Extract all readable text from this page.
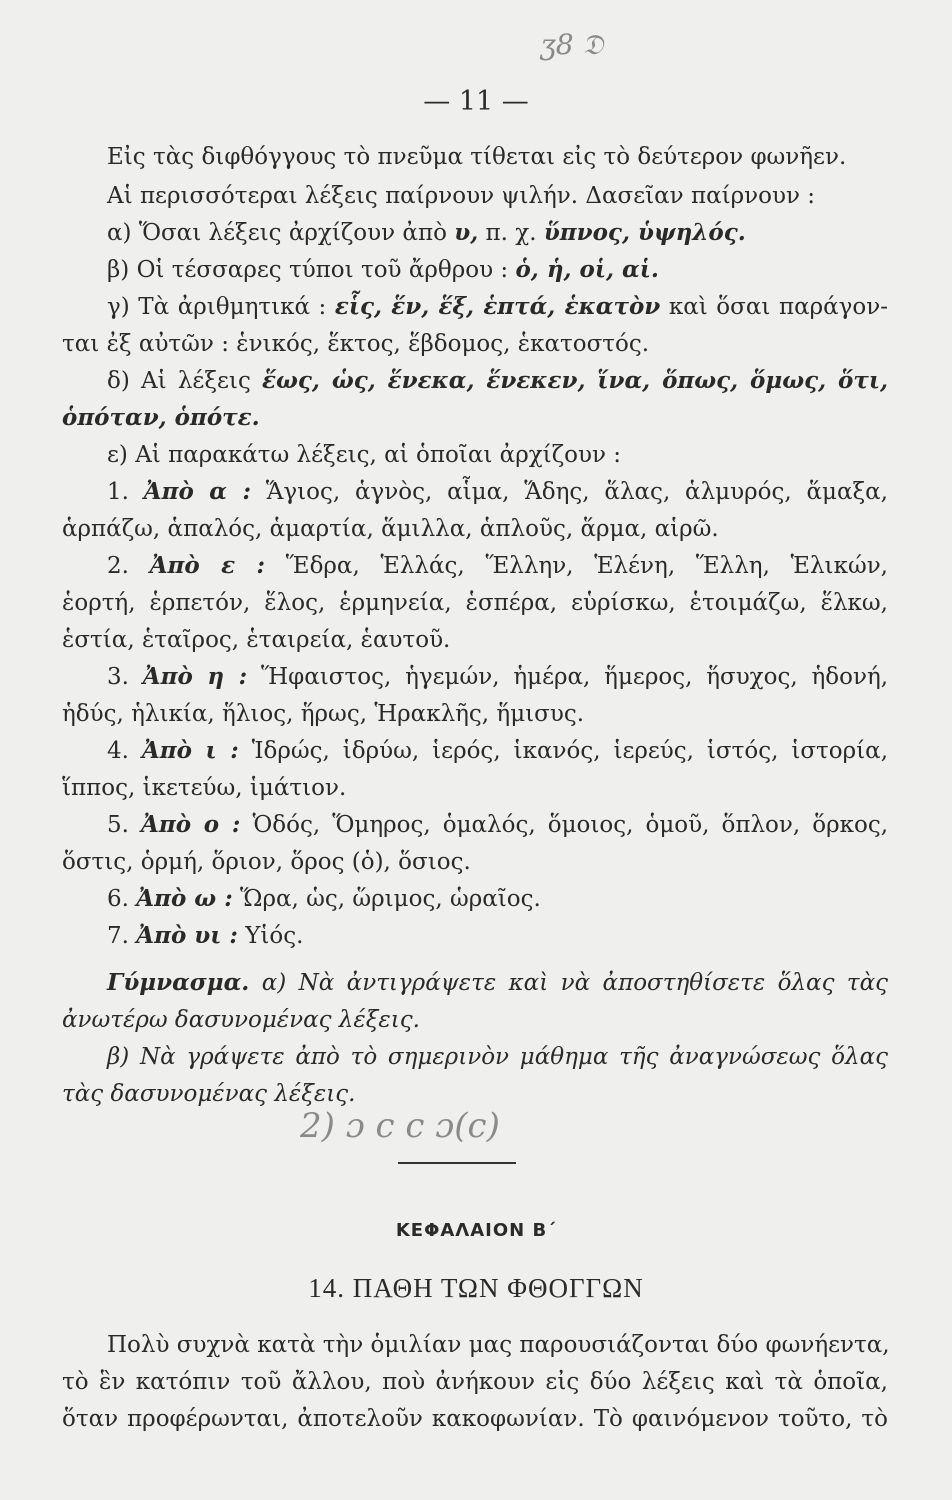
ʒ8 𝔇
— 11 —
Εἰς τὰς διφθόγγους τὸ πνεῦμα τίθεται εἰς τὸ δεύτερον φωνῆεν.
Αἱ περισσότεραι λέξεις παίρνουν ψιλήν. Δασεῖαν παίρνουν :
α) Ὅσαι λέξεις ἀρχίζουν ἀπὸ υ, π. χ. ὕπνος, ὑψηλός.
β) Οἱ τέσσαρες τύποι τοῦ ἄρθρου : ὁ, ἡ, οἱ, αἱ.
γ) Τὰ ἀριθμητικά : εἷς, ἕν, ἕξ, ἑπτά, ἑκατὸν καὶ ὅσαι παράγον-
ται ἐξ αὐτῶν : ἑνικός, ἕκτος, ἕβδομος, ἑκατοστός.
δ) Αἱ λέξεις ἕως, ὡς, ἕνεκα, ἕνεκεν, ἵνα, ὅπως, ὅμως, ὅτι,
ὁπόταν, ὁπότε.
ε) Αἱ παρακάτω λέξεις, αἱ ὁποῖαι ἀρχίζουν :
1. Ἀπὸ α : Ἅγιος, ἁγνὸς, αἷμα, Ἅδης, ἅλας, ἁλμυρός, ἅμαξα,
ἁρπάζω, ἁπαλός, ἁμαρτία, ἅμιλλα, ἁπλοῦς, ἅρμα, αἱρῶ.
2. Ἀπὸ ε : Ἕδρα, Ἑλλάς, Ἕλλην, Ἑλένη, Ἕλλη, Ἑλικών,
ἑορτή, ἑρπετόν, ἕλος, ἑρμηνεία, ἑσπέρα, εὑρίσκω, ἑτοιμάζω, ἕλκω,
ἑστία, ἑταῖρος, ἑταιρεία, ἑαυτοῦ.
3. Ἀπὸ η : Ἥφαιστος, ἡγεμών, ἡμέρα, ἥμερος, ἥσυχος, ἡδονή,
ἡδύς, ἡλικία, ἥλιος, ἥρως, Ἡρακλῆς, ἥμισυς.
4. Ἀπὸ ι : Ἱδρώς, ἱδρύω, ἱερός, ἱκανός, ἱερεύς, ἱστός, ἱστορία,
ἵππος, ἱκετεύω, ἱμάτιον.
5. Ἀπὸ ο : Ὁδός, Ὅμηρος, ὁμαλός, ὅμοιος, ὁμοῦ, ὅπλον, ὅρκος,
ὅστις, ὁρμή, ὅριον, ὅρος (ὁ), ὅσιος.
6. Ἀπὸ ω : Ὥρα, ὡς, ὥριμος, ὡραῖος.
7. Ἀπὸ υι : Υἱός.
Γύμνασμα. α) Νὰ ἀντιγράψετε καὶ νὰ ἀποστηθίσετε ὅλας τὰς
ἀνωτέρω δασυνομένας λέξεις.
β) Νὰ γράψετε ἀπὸ τὸ σημερινὸν μάθημα τῆς ἀναγνώσεως ὅλας
τὰς δασυνομένας λέξεις.
2) ɔ c c ɔ(c)
ΚΕΦΑΛΑΙΟΝ Β΄
14. ΠΑΘΗ ΤΩΝ ΦΘΟΓΓΩΝ
Πολὺ συχνὰ κατὰ τὴν ὁμιλίαν μας παρουσιάζονται δύο φωνήεντα,
τὸ ἓν κατόπιν τοῦ ἄλλου, ποὺ ἀνήκουν εἰς δύο λέξεις καὶ τὰ ὁποῖα,
ὅταν προφέρωνται, ἀποτελοῦν κακοφωνίαν. Τὸ φαινόμενον τοῦτο, τὸ
